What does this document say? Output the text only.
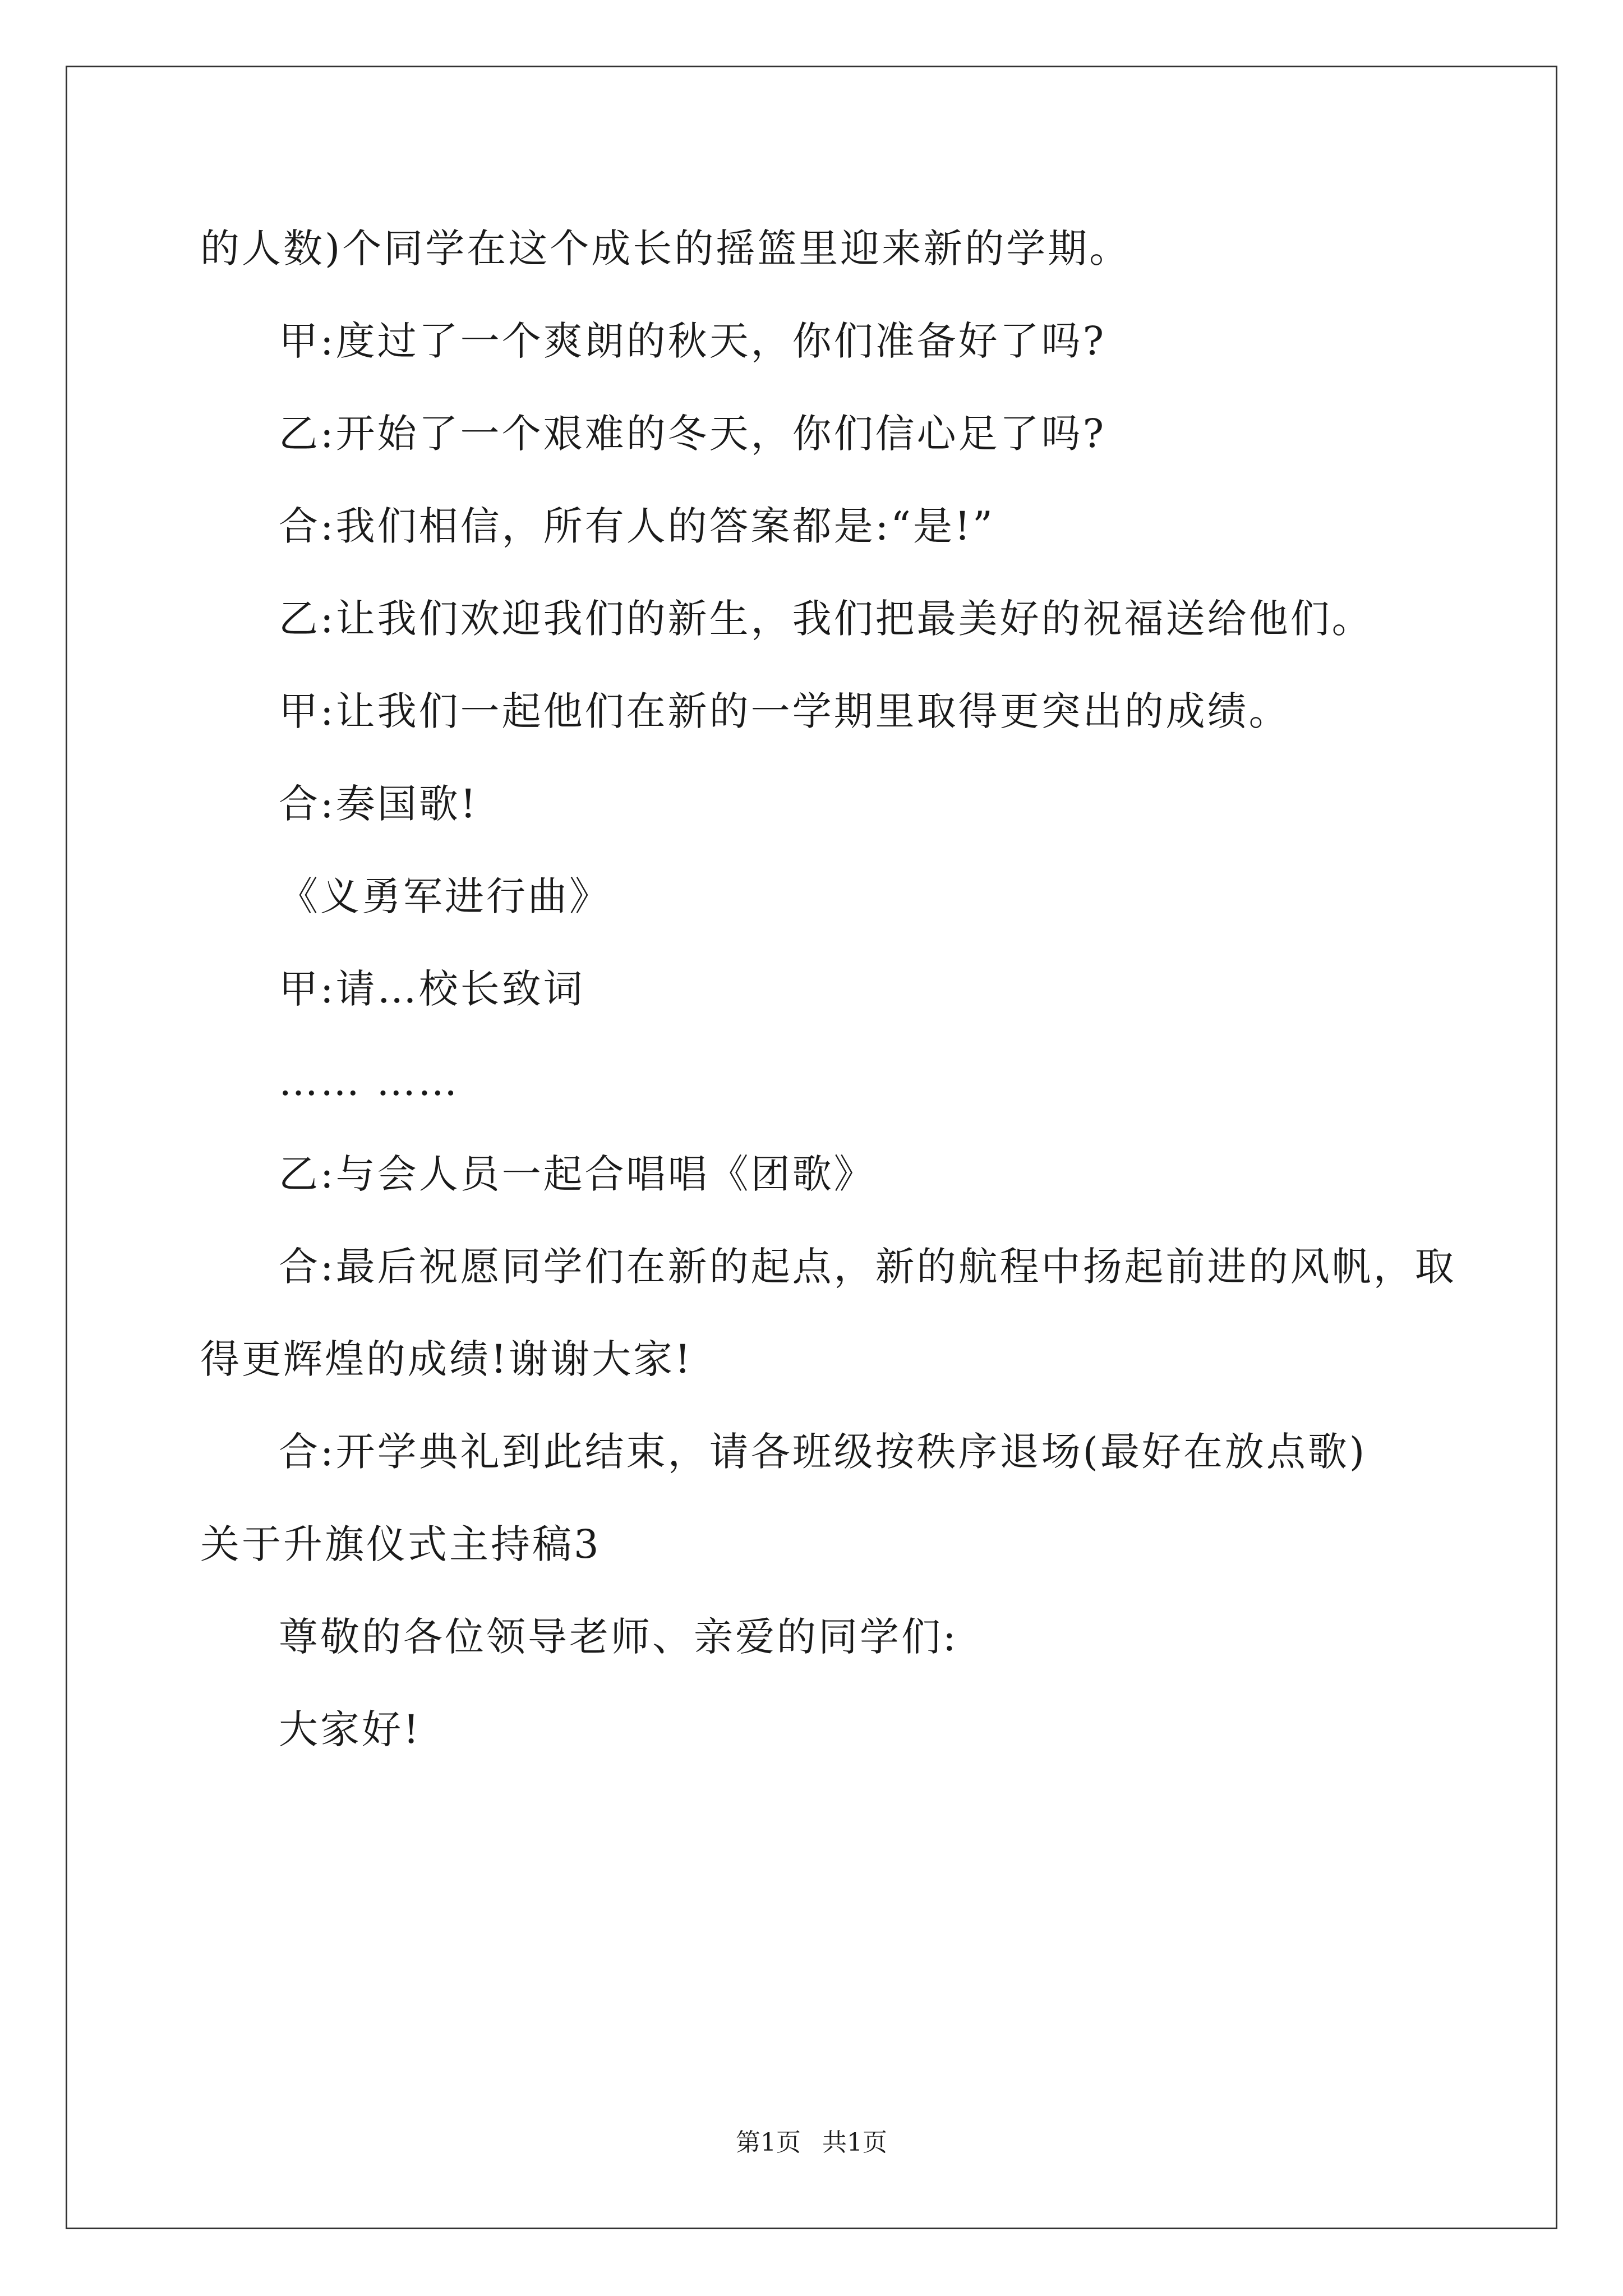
的人数)个同学在这个成长的摇篮里迎来新的学期。
甲:度过了一个爽朗的秋天，你们准备好了吗?
乙:开始了一个艰难的冬天，你们信心足了吗?
合:我们相信，所有人的答案都是:“是!”
乙:让我们欢迎我们的新生，我们把最美好的祝福送给他们。
甲:让我们一起他们在新的一学期里取得更突出的成绩。
合:奏国歌!
《义勇军进行曲》
甲:请…校长致词
…… ……
乙:与会人员一起合唱唱《团歌》
合:最后祝愿同学们在新的起点，新的航程中扬起前进的风帆，取
得更辉煌的成绩!谢谢大家!
合:开学典礼到此结束，请各班级按秩序退场(最好在放点歌)
关于升旗仪式主持稿3
尊敬的各位领导老师、亲爱的同学们:
大家好!
第1页 共1页
